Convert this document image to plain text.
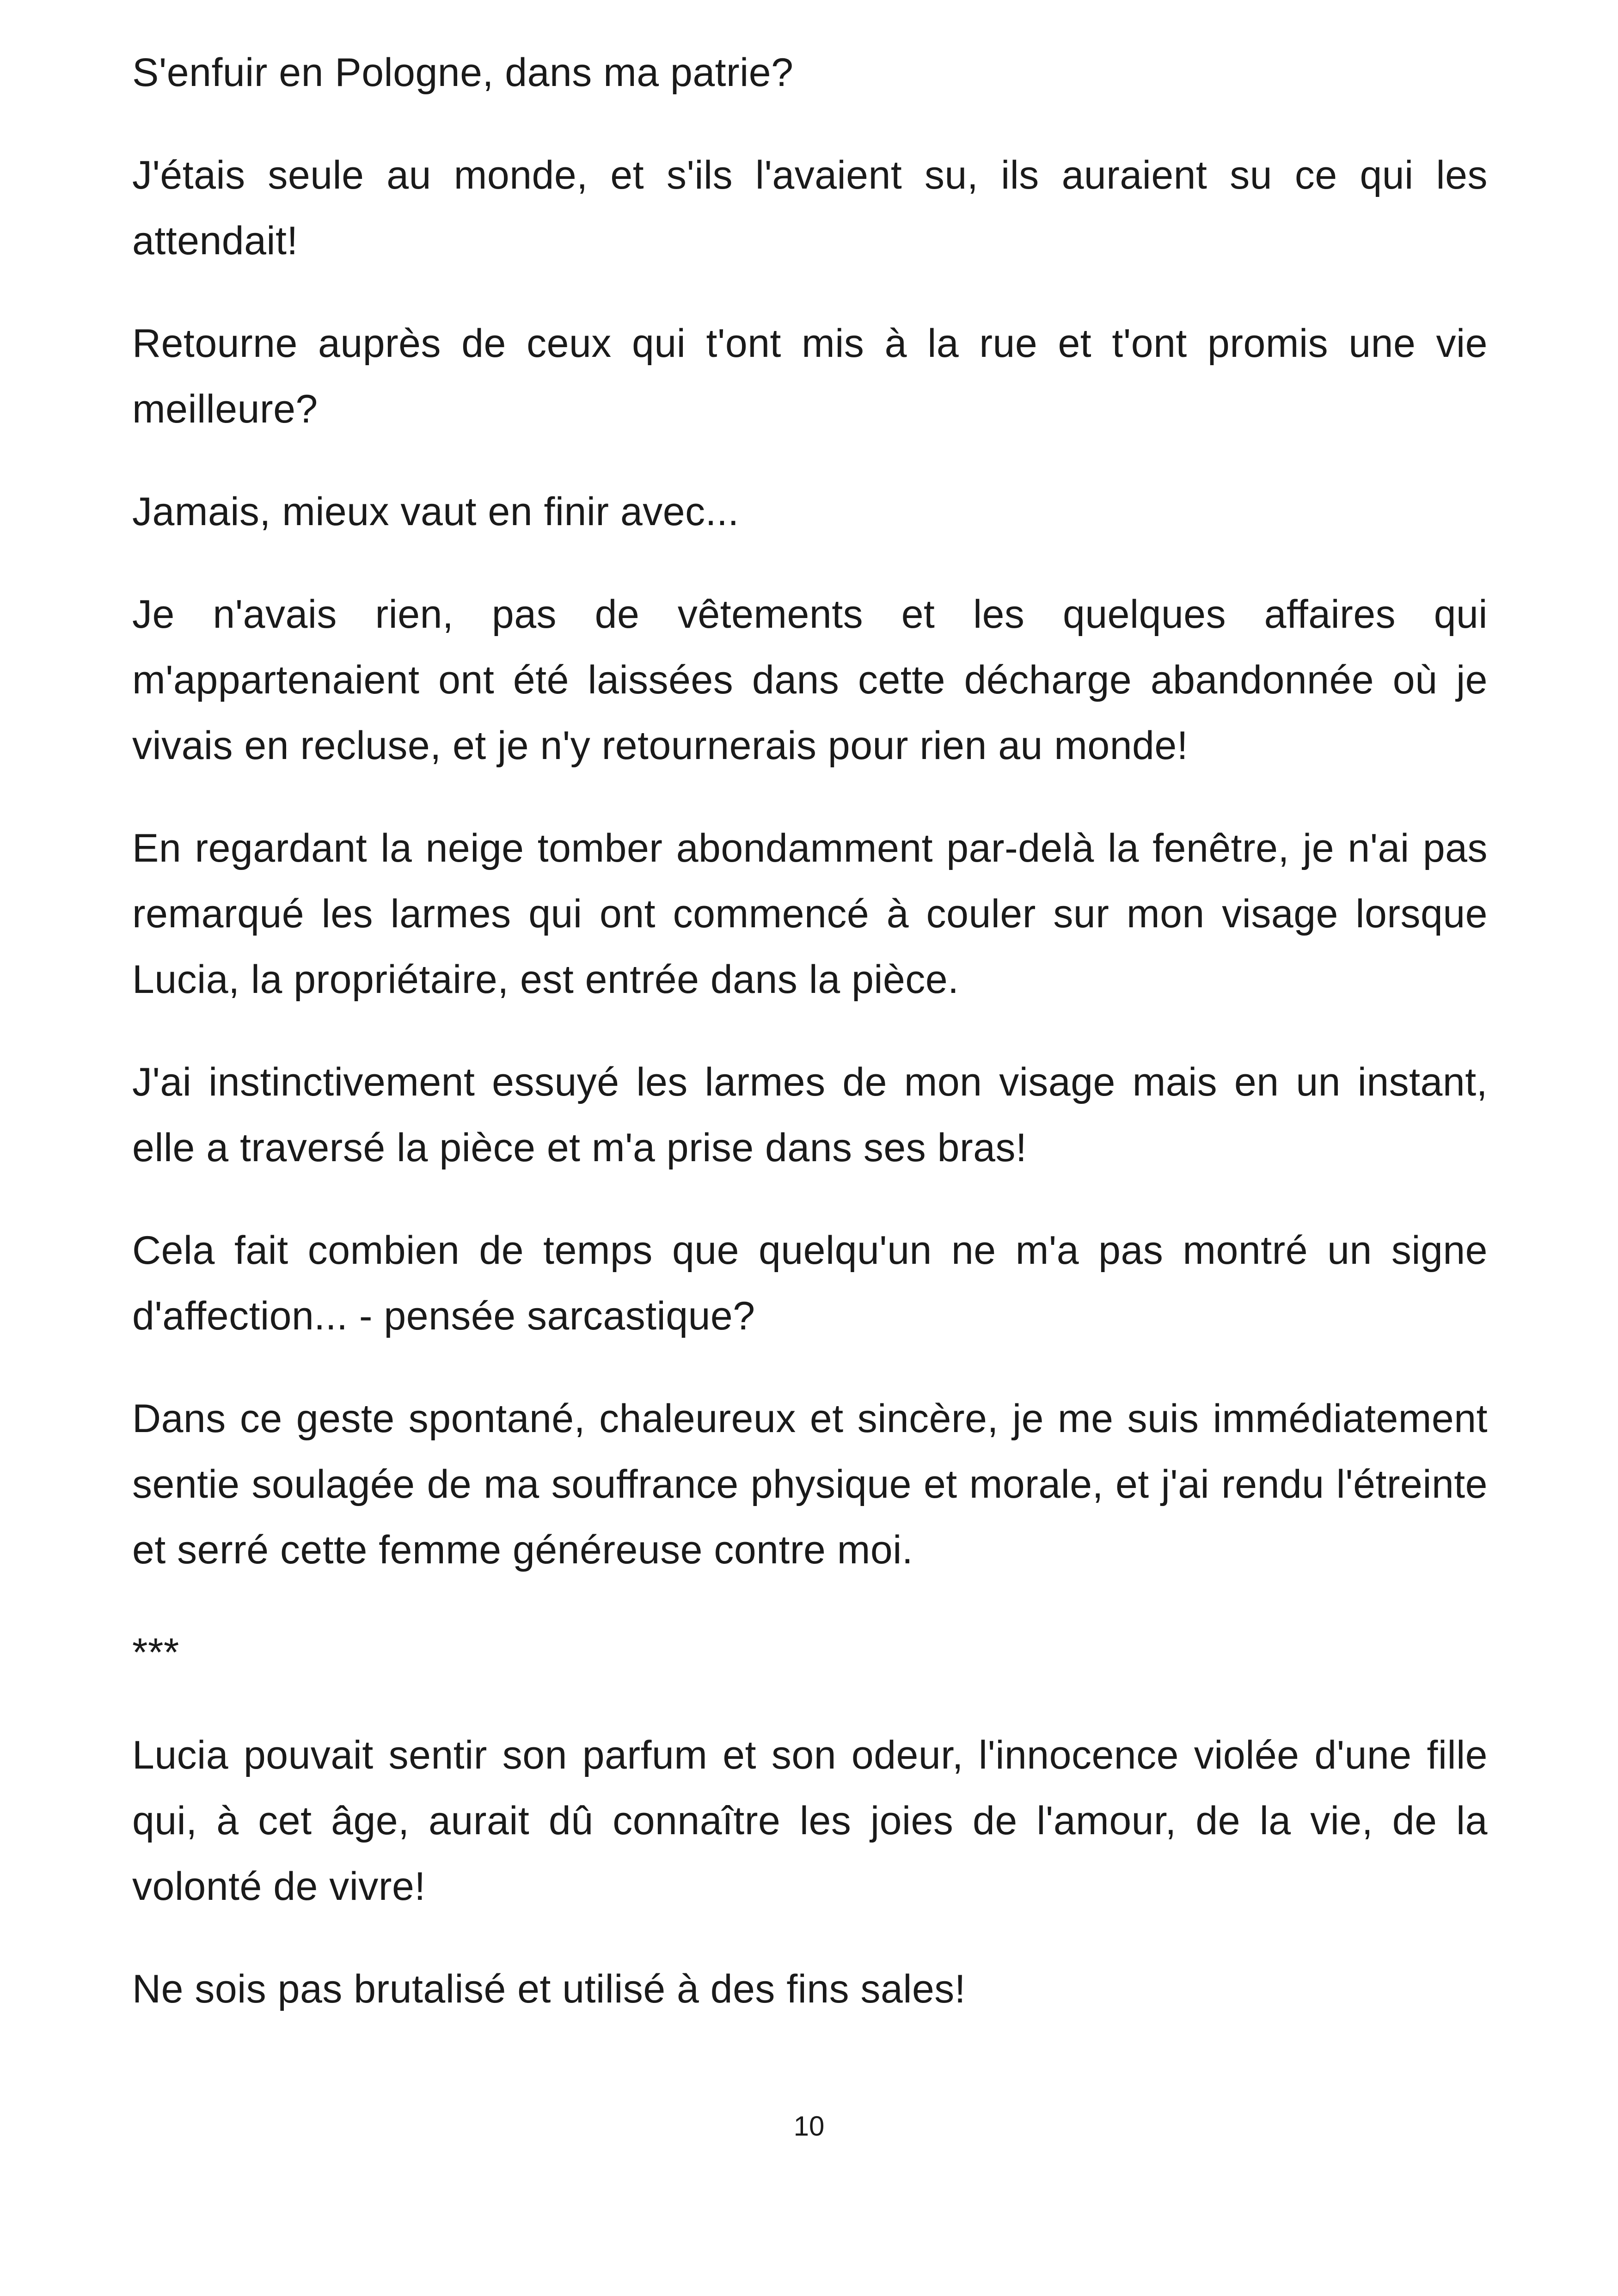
S'enfuir en Pologne, dans ma patrie?

J'étais seule au monde, et s'ils l'avaient su, ils auraient su ce qui les attendait!

Retourne auprès de ceux qui t'ont mis à la rue et t'ont promis une vie meilleure?

Jamais, mieux vaut en finir avec...

Je n'avais rien, pas de vêtements et les quelques affaires qui m'appartenaient ont été laissées dans cette décharge abandonnée où je vivais en recluse, et je n'y retournerais pour rien au monde!

En regardant la neige tomber abondamment par-delà la fenêtre, je n'ai pas remarqué les larmes qui ont commencé à couler sur mon visage lorsque Lucia, la propriétaire, est entrée dans la pièce.

J'ai instinctivement essuyé les larmes de mon visage mais en un instant, elle a traversé la pièce et m'a prise dans ses bras!

Cela fait combien de temps que quelqu'un ne m'a pas montré un signe d'affection... - pensée sarcastique?

Dans ce geste spontané, chaleureux et sincère, je me suis immédiatement sentie soulagée de ma souffrance physique et morale, et j'ai rendu l'étreinte et serré cette femme généreuse contre moi.

***

Lucia pouvait sentir son parfum et son odeur, l'innocence violée d'une fille qui, à cet âge, aurait dû connaître les joies de l'amour, de la vie, de la volonté de vivre!

Ne sois pas brutalisé et utilisé à des fins sales!

10
